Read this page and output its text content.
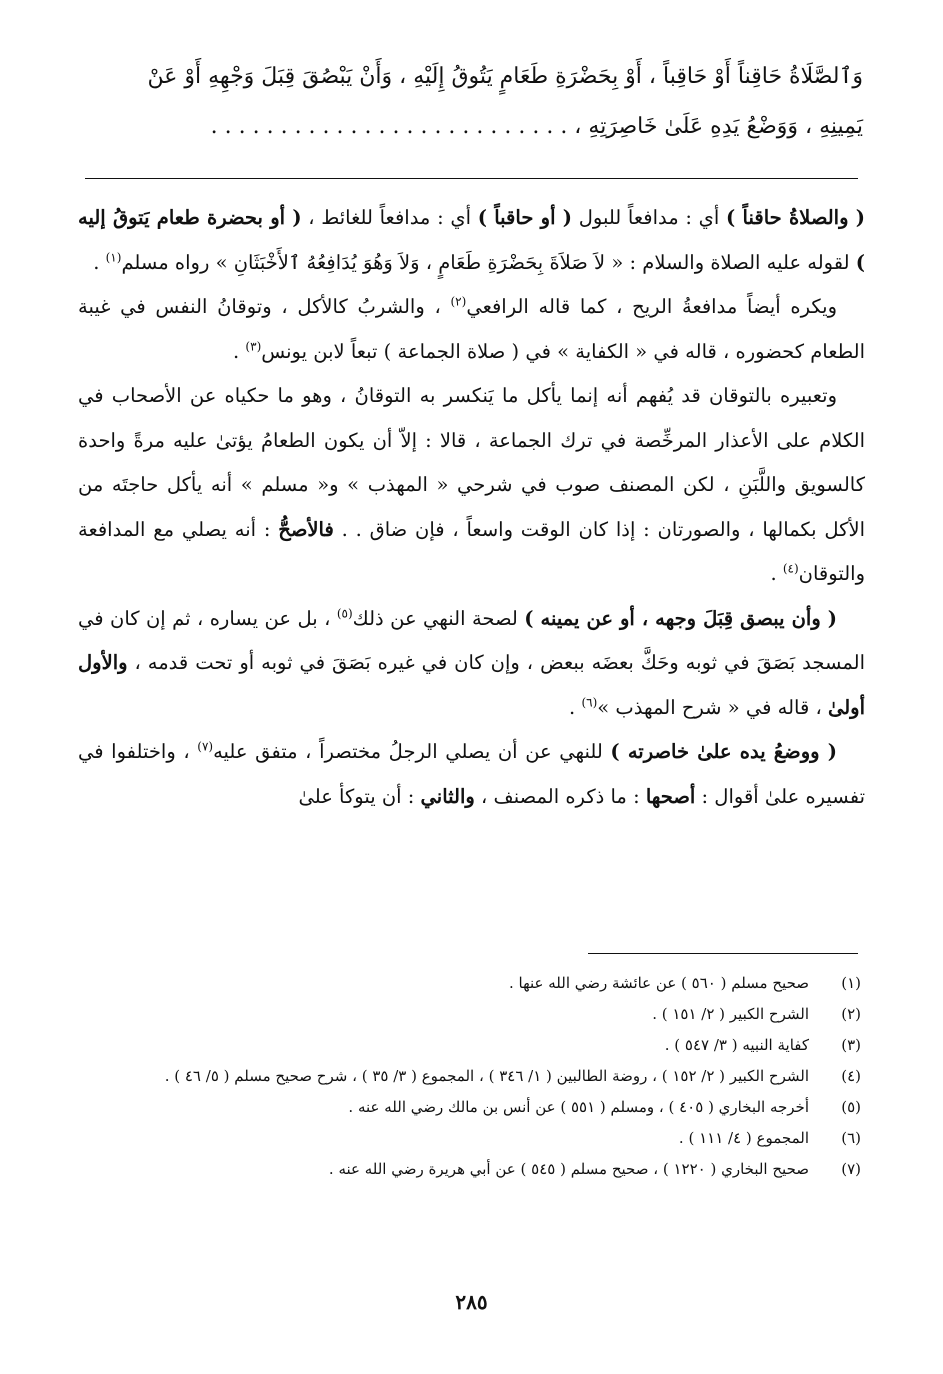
وَٱلصَّلَاةُ حَاقِناً أَوْ حَاقِباً ، أَوْ بِحَضْرَةِ طَعَامٍ يَتُوقُ إِلَيْهِ ، وَأَنْ يَبْصُقَ قِبَلَ وَجْهِهِ أَوْ عَنْ

يَمِينِهِ ، وَوَضْعُ يَدِهِ عَلَىٰ خَاصِرَتِهِ ، . . . . . . . . . . . . . . . . . . . . . . . . . .

( والصلاةُ حاقناً ) أي : مدافعاً للبول ( أو حاقباً ) أي : مدافعاً للغائط ، ( أو بحضرة طعام يَتوقُ إليه ) لقوله عليه الصلاة والسلام : « لاَ صَلاَةَ بِحَضْرَةِ طَعَامٍ ، وَلاَ وَهُوَ يُدَافِعُهُ ٱلأَخْبَثَانِ » رواه مسلم$^{(١)}$ .

ويكره أيضاً مدافعةُ الريح ، كما قاله الرافعي$^{(٢)}$ ، والشربُ كالأكل ، وتوقانُ النفس في غيبة الطعام كحضوره ، قاله في « الكفاية » في ( صلاة الجماعة ) تبعاً لابن يونس$^{(٣)}$ .

وتعبيره بالتوقان قد يُفهم أنه إنما يأكل ما يَنكسر به التوقانُ ، وهو ما حكياه عن الأصحاب في الكلام على الأعذار المرخِّصة في ترك الجماعة ، قالا : إلاّ أن يكون الطعامُ يؤتىٰ عليه مرةً واحدة كالسويق واللَّبَنِ ، لكن المصنف صوب في شرحي « المهذب » و« مسلم » أنه يأكل حاجتَه من الأكل بكمالها ، والصورتان : إذا كان الوقت واسعاً ، فإن ضاق . . فالأصحُّ : أنه يصلي مع المدافعة والتوقان$^{(٤)}$ .

( وأن يبصق قِبَلَ وجهه ، أو عن يمينه ) لصحة النهي عن ذلك$^{(٥)}$ ، بل عن يساره ، ثم إن كان في المسجد بَصَقَ في ثوبه وحَكَّ بعضَه ببعض ، وإن كان في غيره بَصَقَ في ثوبه أو تحت قدمه ، والأول أولىٰ ، قاله في « شرح المهذب »$^{(٦)}$ .

( ووضعُ يده علىٰ خاصرته ) للنهي عن أن يصلي الرجلُ مختصراً ، متفق عليه$^{(٧)}$ ، واختلفوا في تفسيره علىٰ أقوال : أصحها : ما ذكره المصنف ، والثاني : أن يتوكأ علىٰ

(١)
صحيح مسلم ( ٥٦٠ ) عن عائشة رضي الله عنها .
(٢)
الشرح الكبير ( ٢/ ١٥١ ) .
(٣)
كفاية النبيه ( ٣/ ٥٤٧ ) .
(٤)
الشرح الكبير ( ٢/ ١٥٢ ) ، روضة الطالبين ( ١/ ٣٤٦ ) ، المجموع ( ٣/ ٣٥ ) ، شرح صحيح مسلم ( ٥/ ٤٦ ) .
(٥)
أخرجه البخاري ( ٤٠٥ ) ، ومسلم ( ٥٥١ ) عن أنس بن مالك رضي الله عنه .
(٦)
المجموع ( ٤/ ١١١ ) .
(٧)
صحيح البخاري ( ١٢٢٠ ) ، صحيح مسلم ( ٥٤٥ ) عن أبي هريرة رضي الله عنه .
٢٨٥
